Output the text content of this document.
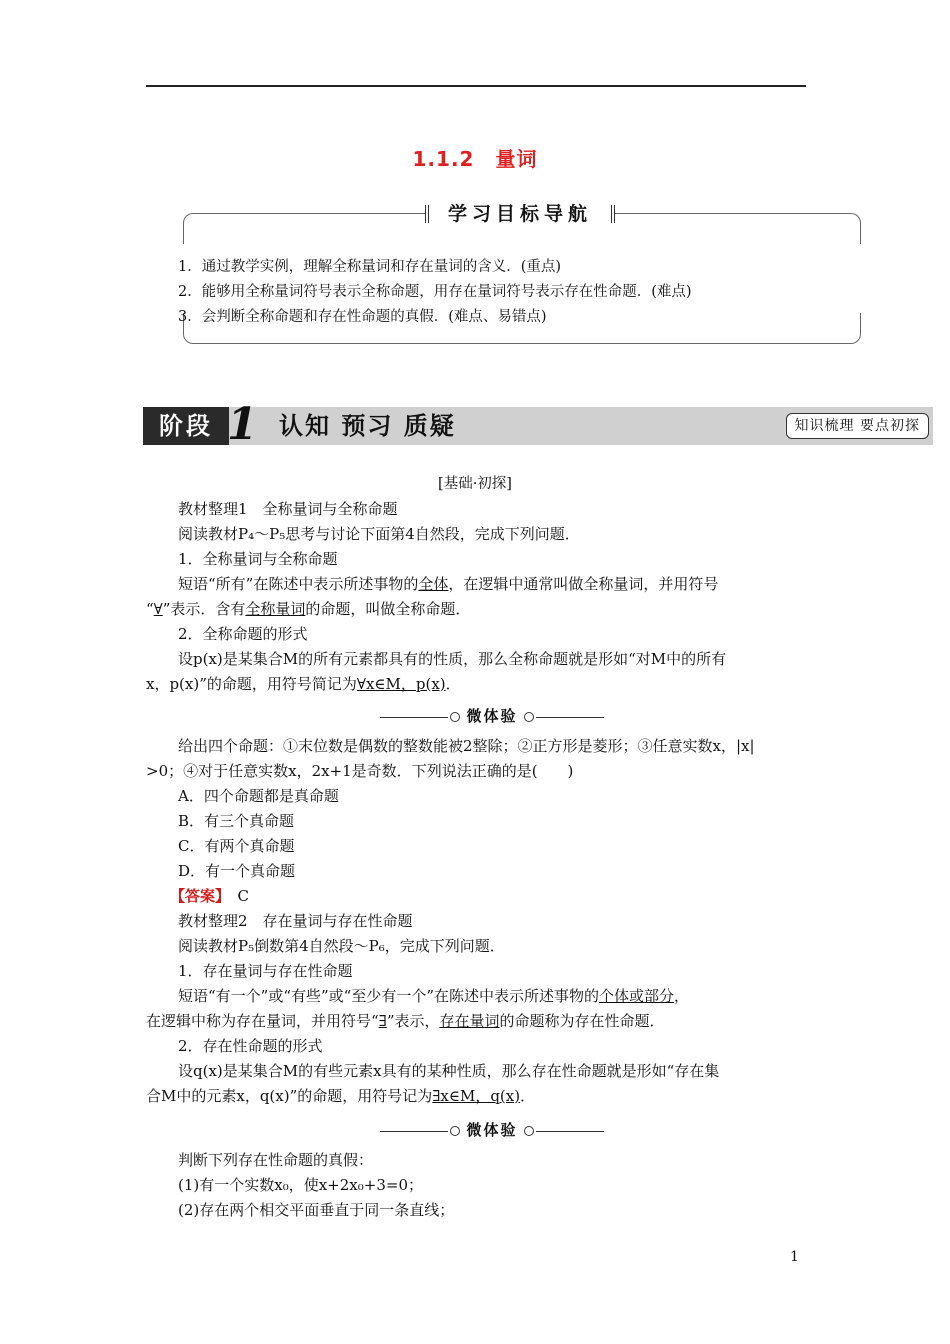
1.1.2　量词
学习目标导航
1．通过教学实例，理解全称量词和存在量词的含义．(重点)
2．能够用全称量词符号表示全称命题，用存在量词符号表示存在性命题．(难点)
3．会判断全称命题和存在性命题的真假．(难点、易错点)
阶段 1 认知 预习 质疑	知识梳理 要点初探
[基础·初探]
教材整理1　全称量词与全称命题
阅读教材P₄～P₅思考与讨论下面第4自然段，完成下列问题．
1．全称量词与全称命题
短语“所有”在陈述中表示所述事物的全体，在逻辑中通常叫做全称量词，并用符号
“∀”表示．含有全称量词的命题，叫做全称命题．
2．全称命题的形式
设p(x)是某集合M的所有元素都具有的性质，那么全称命题就是形如“对M中的所有
x，p(x)”的命题，用符号简记为∀x∈M，p(x)．
微体验
给出四个命题：①末位数是偶数的整数能被2整除；②正方形是菱形；③任意实数x，|x|
>0；④对于任意实数x，2x+1是奇数．下列说法正确的是(　　)
A．四个命题都是真命题
B．有三个真命题
C．有两个真命题
D．有一个真命题
【答案】　 C
教材整理2　存在量词与存在性命题
阅读教材P₅倒数第4自然段～P₆，完成下列问题．
1．存在量词与存在性命题
短语“有一个”或“有些”或“至少有一个”在陈述中表示所述事物的个体或部分，
在逻辑中称为存在量词，并用符号“∃”表示，存在量词的命题称为存在性命题．
2．存在性命题的形式
设q(x)是某集合M的有些元素x具有的某种性质，那么存在性命题就是形如“存在集
合M中的元素x，q(x)”的命题，用符号记为∃x∈M，q(x)．
微体验
判断下列存在性命题的真假：
(1)有一个实数x₀，使x+2x₀+3=0；
(2)存在两个相交平面垂直于同一条直线；
1
